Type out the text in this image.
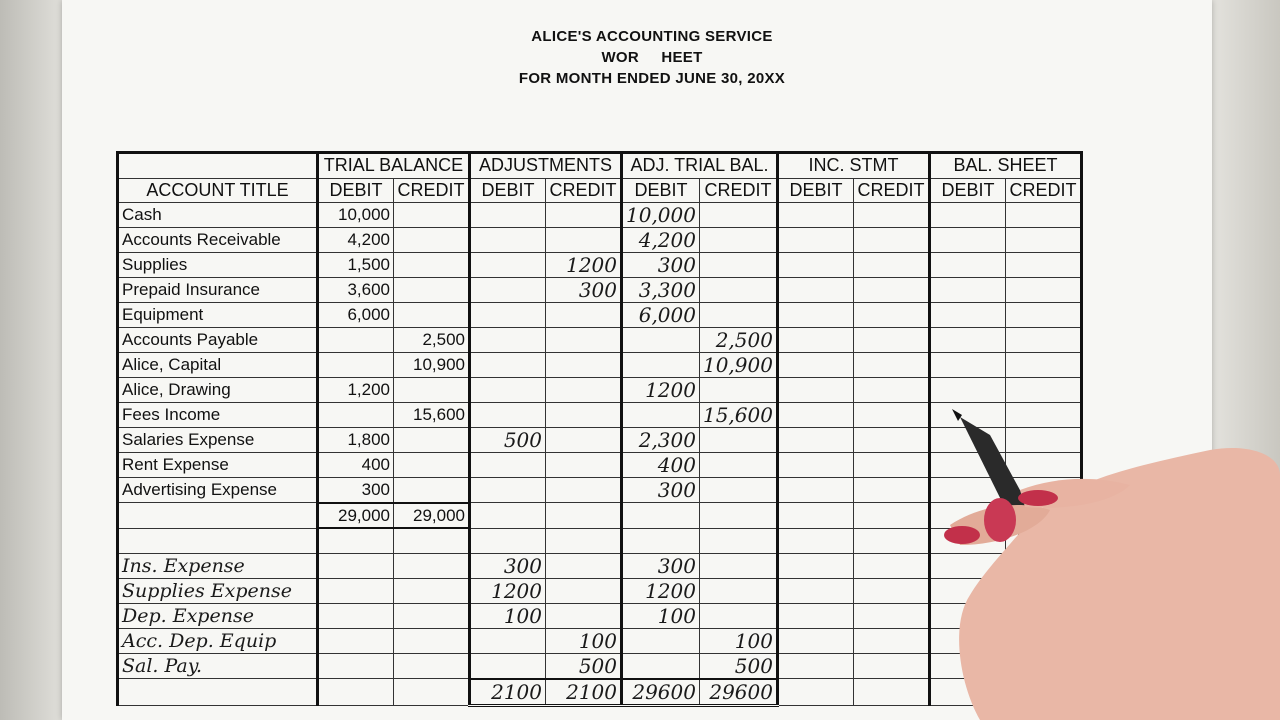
ALICE'S ACCOUNTING SERVICE
WOR     HEET
FOR MONTH ENDED JUNE 30, 20XX
	TRIAL BALANCE		ADJUSTMENTS		ADJ. TRIAL BAL.		INC. STMT		BAL. SHEET	
ACCOUNT TITLE	DEBIT	CREDIT	DEBIT	CREDIT	DEBIT	CREDIT	DEBIT	CREDIT	DEBIT	CREDIT
Cash	10,000				10,000					
Accounts Receivable	4,200				4,200					
Supplies	1,500			1200	300					
Prepaid Insurance	3,600			300	3,300					
Equipment	6,000				6,000					
Accounts Payable		2,500				2,500				
Alice, Capital		10,900				10,900				
Alice, Drawing	1,200				1200					
Fees Income		15,600				15,600				
Salaries Expense	1,800		500		2,300					
Rent Expense	400				400					
Advertising Expense	300				300					
	29,000	29,000								

Ins. Expense			300		300					
Supplies Expense			1200		1200					
Dep. Expense			100		100					
Acc. Dep. Equip				100		100				
Sal. Pay.				500		500				
			2100	2100	29600	29600				
